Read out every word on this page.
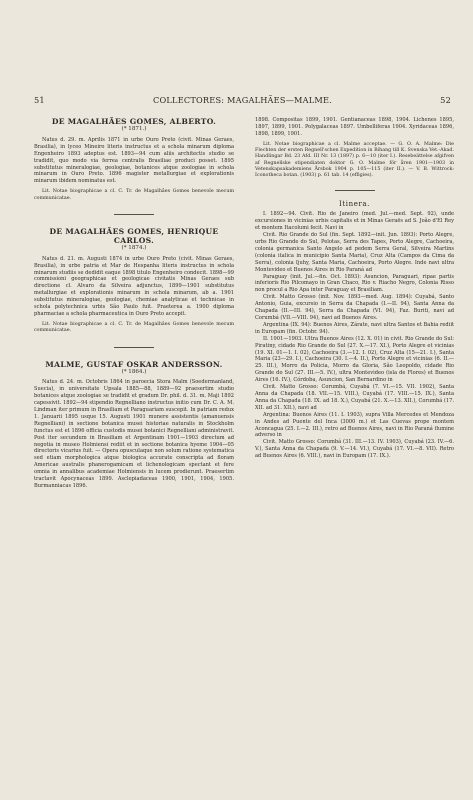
51	COLLECTORES: MAGALHÃES—MALME.	52
DE MAGALHÃES GOMES, ALBERTO.
(* 1871.)

Natus d. 29. m. Aprilis 1871 in urbe Ouro Preto (civit. Minas Geraes, Brasilia), in lyceo Mineiro literis instructus et a schola minarum diploma Engenheiro 1893 adeptus est. 1893—94 cum aliis architectis studio se tradidit, quo modo via ferrea centralis Brasiliae produci posset. 1895 substitutus mineralogiae, geologiae, botanices atque zoologiae in schola minarum in Ouro Preto. 1896 magister metallurgiae et explorationis minarum ibidem nominatus est.

Lit. Notae biographicae a cl. C. Tr. de Magalhães Gomes benevole mecum communicatae.

DE MAGALHÃES GOMES, HENRIQUE CARLOS.
(* 1874.)

Natus d. 21. m. Augusti 1874 in urbe Ouro Preto (civit. Minas Geraes, Brasilia), in urbe patria et Mar de Hespanha literis instructus in schola minarum studiis se dedidit eaque 1898 titulo Engenheiro condecit. 1898—99 commissioni geographicae et geologicae civitatis Minas Geraes sub directione cl. Alvaro da Silveira adjunctus, 1899—1901 substitutus metallurgiae et explorationis minarum in schola minarum, ab a. 1901 substitutus mineralogiae, geologiae, chemiae analyticae et technicae in schola polytechnica urbis São Paulo fuit. Praeterea a. 1900 diploma pharmaciae a schola pharmaceutica in Ouro Preto accepit.

Lit. Notae biographicae a cl. C. Tr. de Magalhães Gomes benevole mecum communicatae.

MALME, GUSTAF OSKAR ANDERSSON.
(* 1864.)

Natus d. 24. m. Octobris 1864 in paroecia Stora Malm (Soedermanland, Suecia), in universitate Upsala 1885—88, 1889—92 praesertim studio botanices atque zoologiae se tradidit et gradum Dr. phil. d. 31. m. Maji 1892 capessivit. 1892—94 stipendio Regnelliano instructus initio cum Dr. C. A. M. Lindman iter primum in Brasiliam et Paraguariam suscepit. In patriam redux 1. Januarii 1895 usque 15. Augusti 1901 munere assistentis (amanuensis Regnelliani) in sectione botanica musei historiae naturalis in Stockholm functus est et 1896 officia custodis musei botanici Regnelliani administravit. Post iter secundum in Brasiliam et Argentinam 1901—1903 directum ad negotia in museo Holmiensi rediit et in sectione botanica hyeme 1904—05 directoris vicarius fuit. — Opera opusculaque non solum ratione systematica sed etiam morphologica atque biologica accurate conscripta ad floram Americae australis phanerogamicam et lichenologicam spectant et fere omnia in annalibus academiae Holmiensis in lucem prodierunt. Praesertim tractavit Apocynaceas 1899. Asclepiadaceas 1900, 1901, 1904, 1905. Burmanniacas 1896.

1898. Compositas 1899, 1901. Gentianaceas 1898, 1904. Lichenes 1895, 1897, 1899, 1901. Polygalaceas 1897. Umbelliferas 1904. Xyridaceas 1896, 1898, 1899, 1901.

Lit. Notae biographicae a cl. Malme acceptae. — G. O. A. Malme: Die Flechten der ersten Regnell'schen Expedition in Bihang till K. Svenska Vet.-Akad. Handlingar Bd. 23 Afd. III Nr. 13 (1897) p. 6—10 (iter I.). Resebeättelse afgifven af Regnellske stipendiaten doktor G. O. Malme för åren 1901—1903 in Vetenskapsakademiens Årsbok 1904 p. 105—115 (iter II.). — V. B. Wittrock: Iconotheca botan. (1903) p. 61 tab. 14 (effigies).

Itinera.

I. 1892—94. Civit. Rio de Janeiro (med. Jul.—med. Sept. 92), unde excursiones in vicinias urbis capitalis et in Minas Geraës ad S. João d'El Rey et montem Itacolumi fecit. Navi in

Civit. Rio Grande do Sul (fin. Sept. 1892—init. Jun. 1893): Porto Alegre, urbs Rio Grande do Sul, Pelotas, Serra des Tapes, Porto Alegre, Cachoeira, colonia germanica Santo Angelo ad pedem Serra Geral, Silveira Martins (colonia italica in municipio Santa Maria), Cruz Alta (Campos da Cima da Serra), colonia Ijuhy, Santa Maria, Cachoeira, Porto Alegre. Inde navi ultra Montevideo et Buenos Aires in Rio Paraná ad

Paraguay (init. Jul.—fin. Oct. 1893): Asuncion, Paraguari, ripae partis inferioris Rio Pilcomayo in Gran Chaco, Rio v. Riacho Negro, Colonia Risso non procul a Rio Apa inter Paraguay et Brasiliam.

Civit. Matto Grosso (init. Nov. 1893—med. Aug. 1894): Cuyabá, Santo Antonio, Guia, excursio in Serra da Chapada (I.—II. 94), Santa Anna da Chapada (II.—III. 94), Serra da Chapada (VI. 94), Faz. Buriti, navi ad Corumbá (VII.—VIII. 94), navi ad Buenos Aires.

Argentina (IX. 94): Buenos Aires, Zárate, navi ultra Santos et Bahia rediit in Europam (fin. Octobr. 94).

II. 1901—1903. Ultra Buenos Aires (12. X. 01) in civit. Rio Grande do Sul: Piratiny, cidade Rio Grande do Sul (27. X.—17. XI.), Porto Alegre et vicinias (19. XI. 01—1. I. 02), Cachoeira (3.—12. I. 02), Cruz Alta (15—21. I.), Santa Maria (23—29. I.), Cachoeira (30. I.—4. II.), Porto Alegre et vicinias (6. II.—25. III.), Morro da Policia, Morro da Gloria, São Leopoldo, cidade Rio Grande do Sul (27. III.—5. IV.), ultra Montevideo (isla de Flores) et Buenos Aires (16. IV.), Córdoba, Asuncion, San Bernardino in

Civit. Matto Grosso: Corumbá, Cuyabá (7. VI.—15. VII. 1902), Santa Anna da Chapada (18. VII.—15. VIII.), Cuyabá (17. VIII.—15. IX.), Santa Anna da Chapada (18. IX. ad 18. X.), Cuyabá (21. X.—13. XII.), Corumbá (17. XII. ad 31. XII.), navi ad

Argentina: Buenos Aires (11. I. 1903), supra Villa Mercedes et Mendoza in Andes ad Puente del Inca (3000 m.) et Las Cuevas prope montem Aconcagua (25. I.—2. III.), retro ad Buenos Aires, navi in Rio Paraná flumine adverso in

Civit. Matto Grosso: Corumbá (31. III.—13. IV. 1903), Cuyabá (23. IV.—6. V.), Santa Anna da Chapada (9. V.—14. VI.), Cuyabá (17. VI.—8. VII). Retro ad Buenos Aires (6. VIII.), navi in Europam (17. IX.).
